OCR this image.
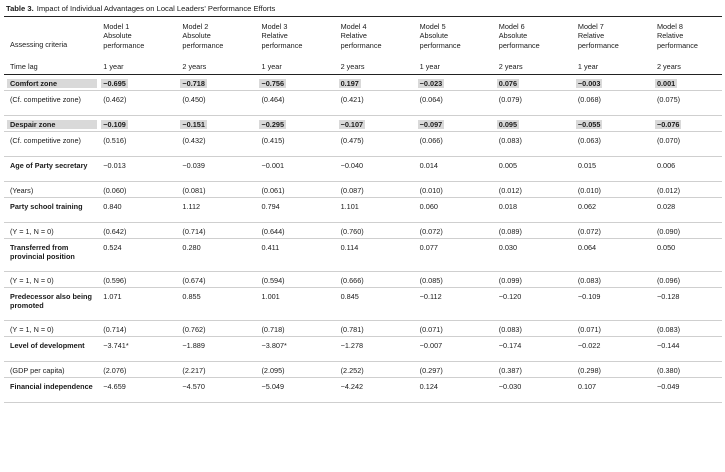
Table 3. Impact of Individual Advantages on Local Leaders' Performance Efforts
	Model 1	Model 2	Model 3	Model 4	Model 5	Model 6	Model 7	Model 8
Assessing criteria	Absolute performance	Absolute performance	Relative performance	Relative performance	Absolute performance	Absolute performance	Relative performance	Relative performance
Time lag	1 year	2 years	1 year	2 years	1 year	2 years	1 year	2 years
Comfort zone	−0.695	−0.718	−0.756	0.197	−0.023	0.076	−0.003	0.001
(Cf. competitive zone)	(0.462)	(0.450)	(0.464)	(0.421)	(0.064)	(0.079)	(0.068)	(0.075)
Despair zone	−0.109	−0.151	−0.295	−0.107	−0.097	0.095	−0.055	−0.076
(Cf. competitive zone)	(0.516)	(0.432)	(0.415)	(0.475)	(0.066)	(0.083)	(0.063)	(0.070)
Age of Party secretary	−0.013	−0.039	−0.001	−0.040	0.014	0.005	0.015	0.006
(Years)	(0.060)	(0.081)	(0.061)	(0.087)	(0.010)	(0.012)	(0.010)	(0.012)
Party school training	0.840	1.112	0.794	1.101	0.060	0.018	0.062	0.028
(Y = 1, N = 0)	(0.642)	(0.714)	(0.644)	(0.760)	(0.072)	(0.089)	(0.072)	(0.090)
Transferred from provincial position	0.524	0.280	0.411	0.114	0.077	0.030	0.064	0.050
(Y = 1, N = 0)	(0.596)	(0.674)	(0.594)	(0.666)	(0.085)	(0.099)	(0.083)	(0.096)
Predecessor also being promoted	1.071	0.855	1.001	0.845	−0.112	−0.120	−0.109	−0.128
(Y = 1, N = 0)	(0.714)	(0.762)	(0.718)	(0.781)	(0.071)	(0.083)	(0.071)	(0.083)
Level of development	−3.741*	−1.889	−3.807*	−1.278	−0.007	−0.174	−0.022	−0.144
(GDP per capita)	(2.076)	(2.217)	(2.095)	(2.252)	(0.297)	(0.387)	(0.298)	(0.380)
Financial independence	−4.659	−4.570	−5.049	−4.242	0.124	−0.030	0.107	−0.049
